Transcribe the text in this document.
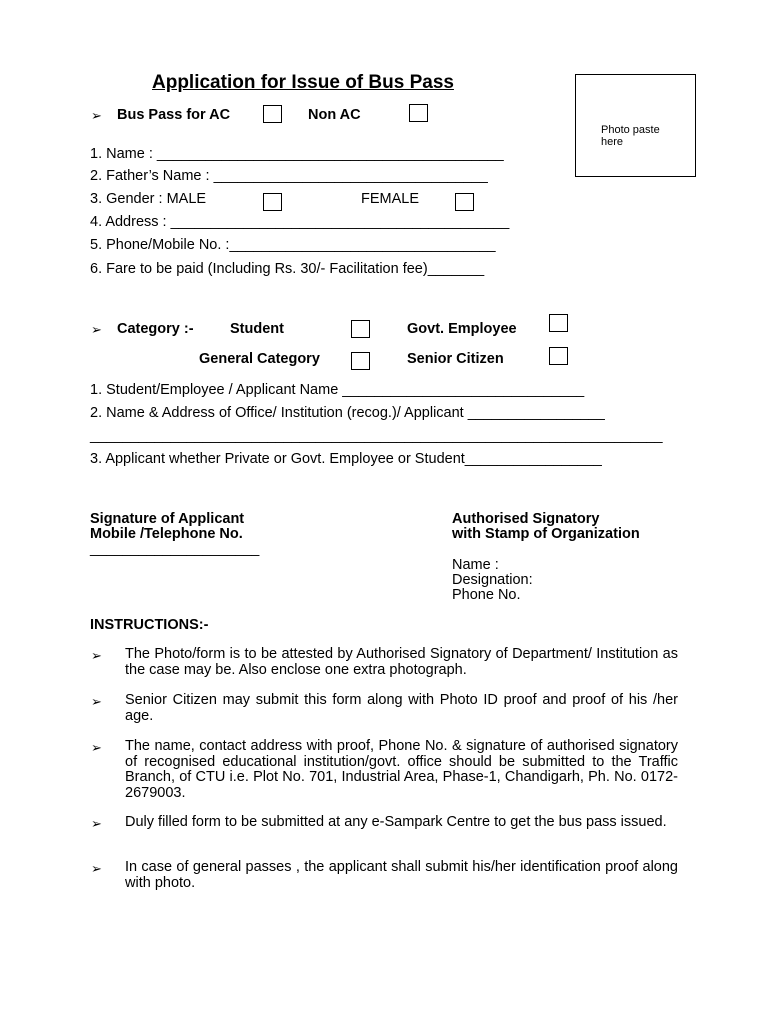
Application for Issue of Bus Pass
Photo paste here
➢ Bus Pass for AC	Non AC
1. Name : ___________________________________________
2. Father’s Name : __________________________________
3. Gender : MALE	FEMALE
4. Address : __________________________________________
5. Phone/Mobile No. :_________________________________
6. Fare to be paid (Including Rs. 30/- Facilitation fee)_______
➢ Category :-	Student	Govt. Employee
General Category	Senior Citizen
1. Student/Employee / Applicant Name ______________________________
2. Name & Address of Office/ Institution (recog.)/ Applicant _________________
_______________________________________________________________________
3. Applicant whether Private or Govt. Employee or Student_________________
Signature of Applicant
Mobile /Telephone No.
_____________________
Authorised Signatory
with Stamp of Organization
Name :
Designation:
Phone No.
INSTRUCTIONS:-
➢ The Photo/form is to be attested by Authorised Signatory of Department/ Institution as the case may be. Also enclose one extra photograph.
➢ Senior Citizen may submit this form along with Photo ID proof and proof of his /her age.
➢ The name, contact address with proof, Phone No. & signature of authorised signatory of recognised educational institution/govt. office should be submitted to the Traffic Branch, of CTU i.e. Plot No. 701, Industrial Area, Phase-1, Chandigarh, Ph. No. 0172-2679003.
➢ Duly filled form to be submitted at any e-Sampark Centre to get the bus pass issued.
➢ In case of general passes , the applicant shall submit his/her identification proof along with photo.
